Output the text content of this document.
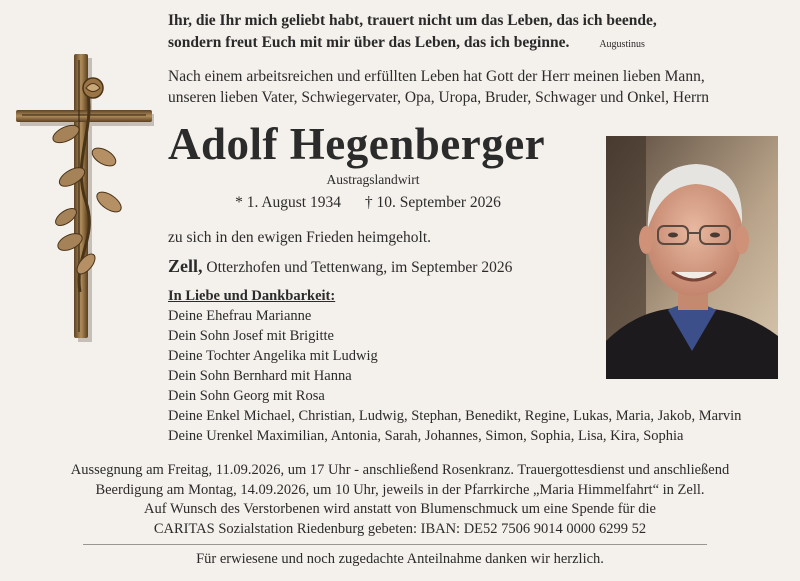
Ihr, die Ihr mich geliebt habt, trauert nicht um das Leben, das ich beende,
sondern freut Euch mit mir über das Leben, das ich beginne.	Augustinus
Nach einem arbeitsreichen und erfüllten Leben hat Gott der Herr meinen lieben Mann,
unseren lieben Vater, Schwiegervater, Opa, Uropa, Bruder, Schwager und Onkel, Herrn
Adolf Hegenberger
Austragslandwirt
* 1. August 1934 † 10. September 2026
zu sich in den ewigen Frieden heimgeholt.
Zell, Otterzhofen und Tettenwang, im September 2026
In Liebe und Dankbarkeit:
Deine Ehefrau Marianne
Dein Sohn Josef mit Brigitte
Deine Tochter Angelika mit Ludwig
Dein Sohn Bernhard mit Hanna
Dein Sohn Georg mit Rosa
Deine Enkel Michael, Christian, Ludwig, Stephan, Benedikt, Regine, Lukas, Maria, Jakob, Marvin
Deine Urenkel Maximilian, Antonia, Sarah, Johannes, Simon, Sophia, Lisa, Kira, Sophia
Aussegnung am Freitag, 11.09.2026, um 17 Uhr - anschließend Rosenkranz. Trauergottesdienst und anschließend
Beerdigung am Montag, 14.09.2026, um 10 Uhr, jeweils in der Pfarrkirche „Maria Himmelfahrt“ in Zell.
Auf Wunsch des Verstorbenen wird anstatt von Blumenschmuck um eine Spende für die
CARITAS Sozialstation Riedenburg gebeten: IBAN: DE52 7506 9014 0000 6299 52
Für erwiesene und noch zugedachte Anteilnahme danken wir herzlich.
